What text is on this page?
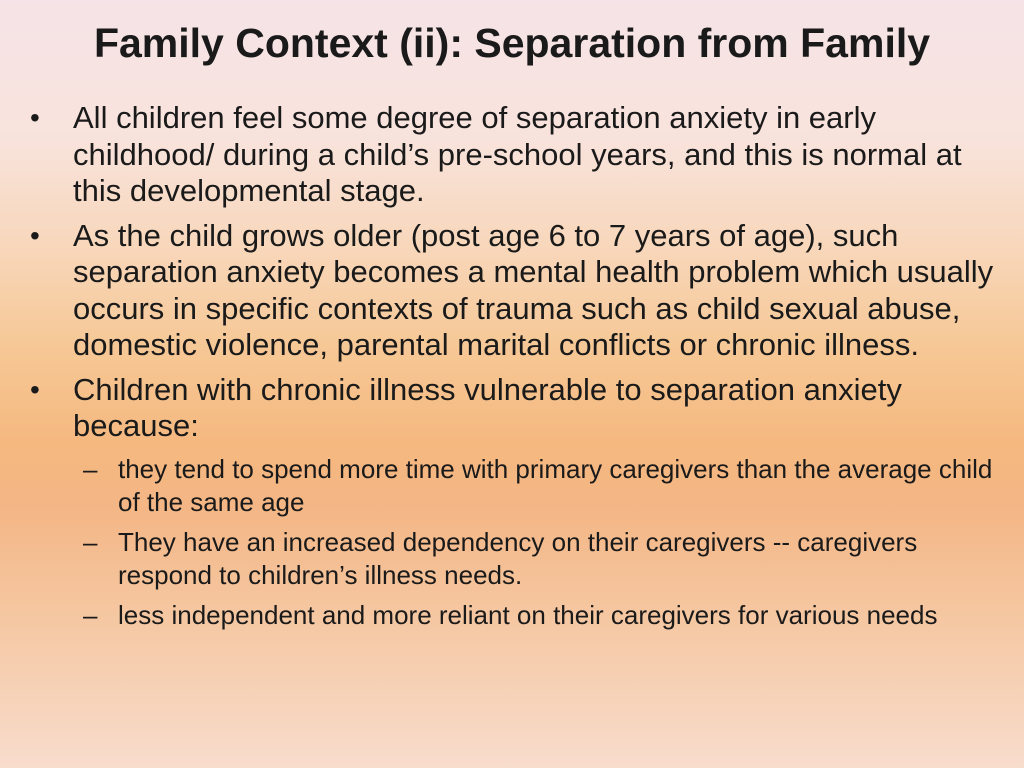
Family Context (ii): Separation from Family
• All children feel some degree of separation anxiety in early childhood/ during a child’s pre-school years, and this is normal at this developmental stage.
• As the child grows older (post age 6 to 7 years of age), such separation anxiety becomes a mental health problem which usually occurs in specific contexts of trauma such as child sexual abuse, domestic violence, parental marital conflicts or chronic illness.
• Children with chronic illness vulnerable to separation anxiety because:
– they tend to spend more time with primary caregivers than the average child of the same age
– They have an increased dependency on their caregivers -- caregivers respond to children’s illness needs.
– less independent and more reliant on their caregivers for various needs
